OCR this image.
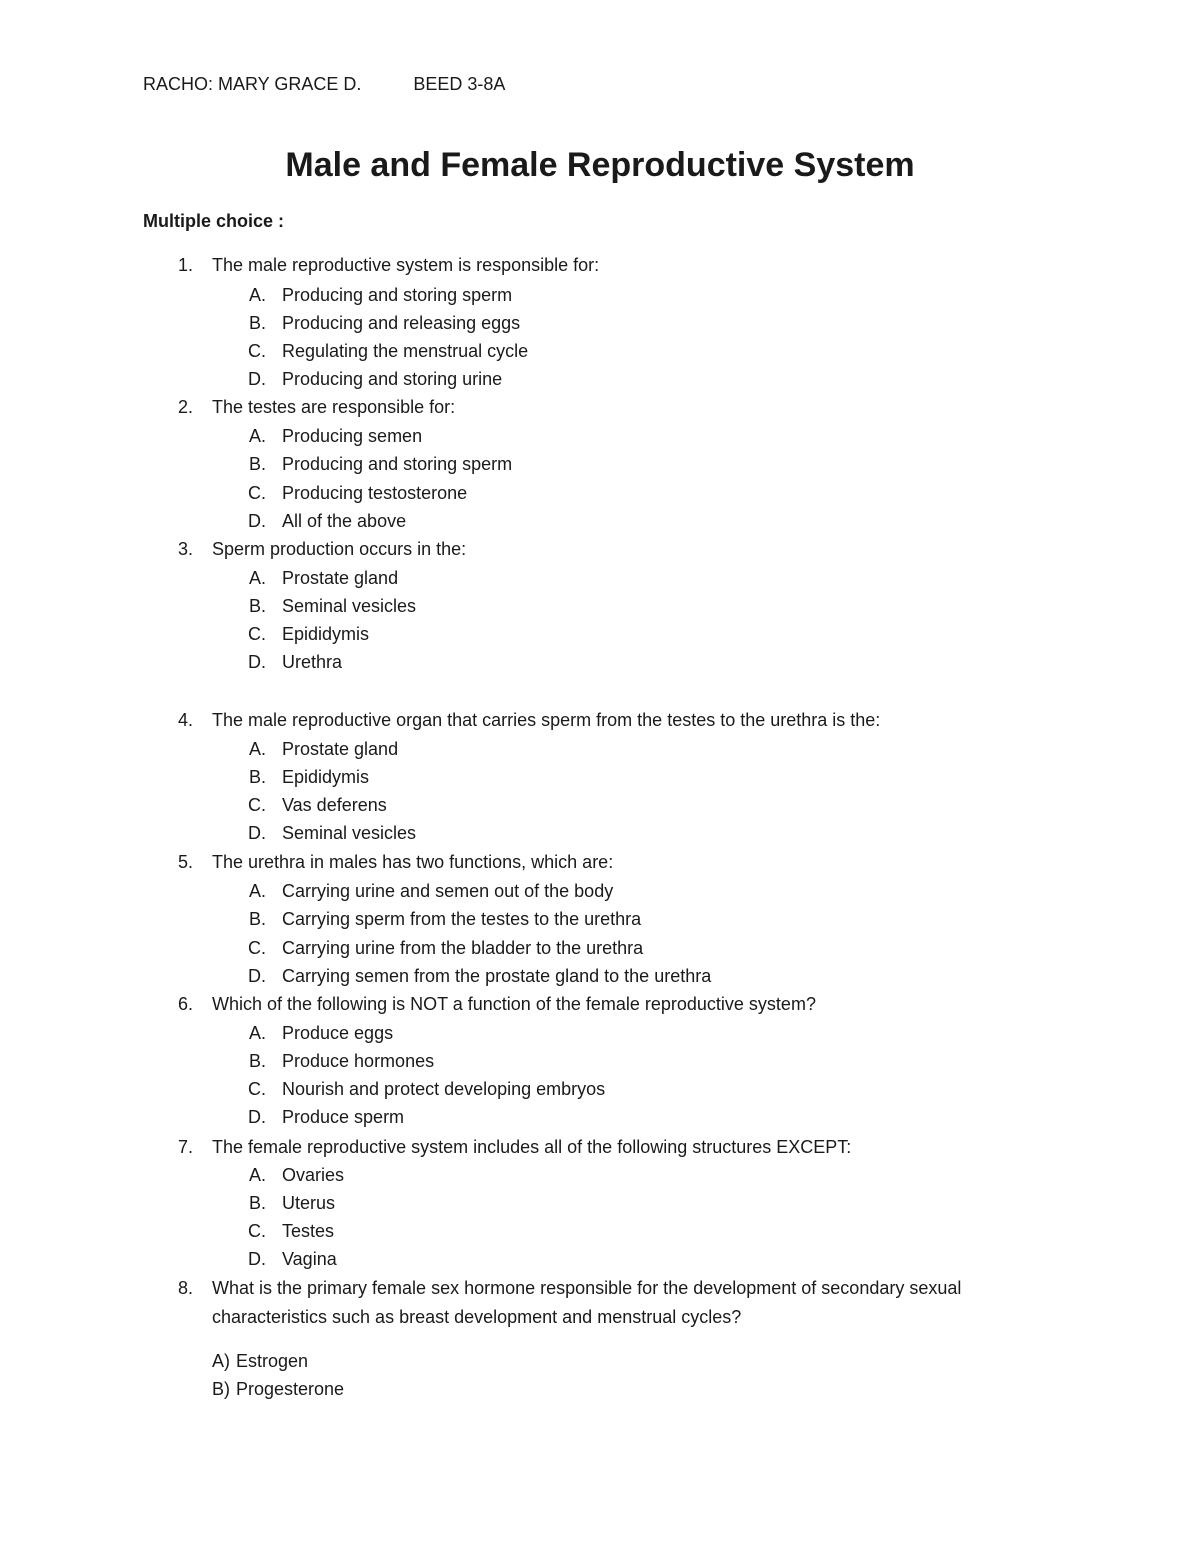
RACHO: MARY GRACE D.	BEED 3-8A
Male and Female Reproductive System
Multiple choice :
1. The male reproductive system is responsible for:
A. Producing and storing sperm
B. Producing and releasing eggs
C. Regulating the menstrual cycle
D. Producing and storing urine
2. The testes are responsible for:
A. Producing semen
B. Producing and storing sperm
C. Producing testosterone
D. All of the above
3. Sperm production occurs in the:
A. Prostate gland
B. Seminal vesicles
C. Epididymis
D. Urethra
4. The male reproductive organ that carries sperm from the testes to the urethra is the:
A. Prostate gland
B. Epididymis
C. Vas deferens
D. Seminal vesicles
5. The urethra in males has two functions, which are:
A. Carrying urine and semen out of the body
B. Carrying sperm from the testes to the urethra
C. Carrying urine from the bladder to the urethra
D. Carrying semen from the prostate gland to the urethra
6. Which of the following is NOT a function of the female reproductive system?
A. Produce eggs
B. Produce hormones
C. Nourish and protect developing embryos
D. Produce sperm
7. The female reproductive system includes all of the following structures EXCEPT:
A. Ovaries
B. Uterus
C. Testes
D. Vagina
8. What is the primary female sex hormone responsible for the development of secondary sexual
characteristics such as breast development and menstrual cycles?
A) Estrogen
B) Progesterone
